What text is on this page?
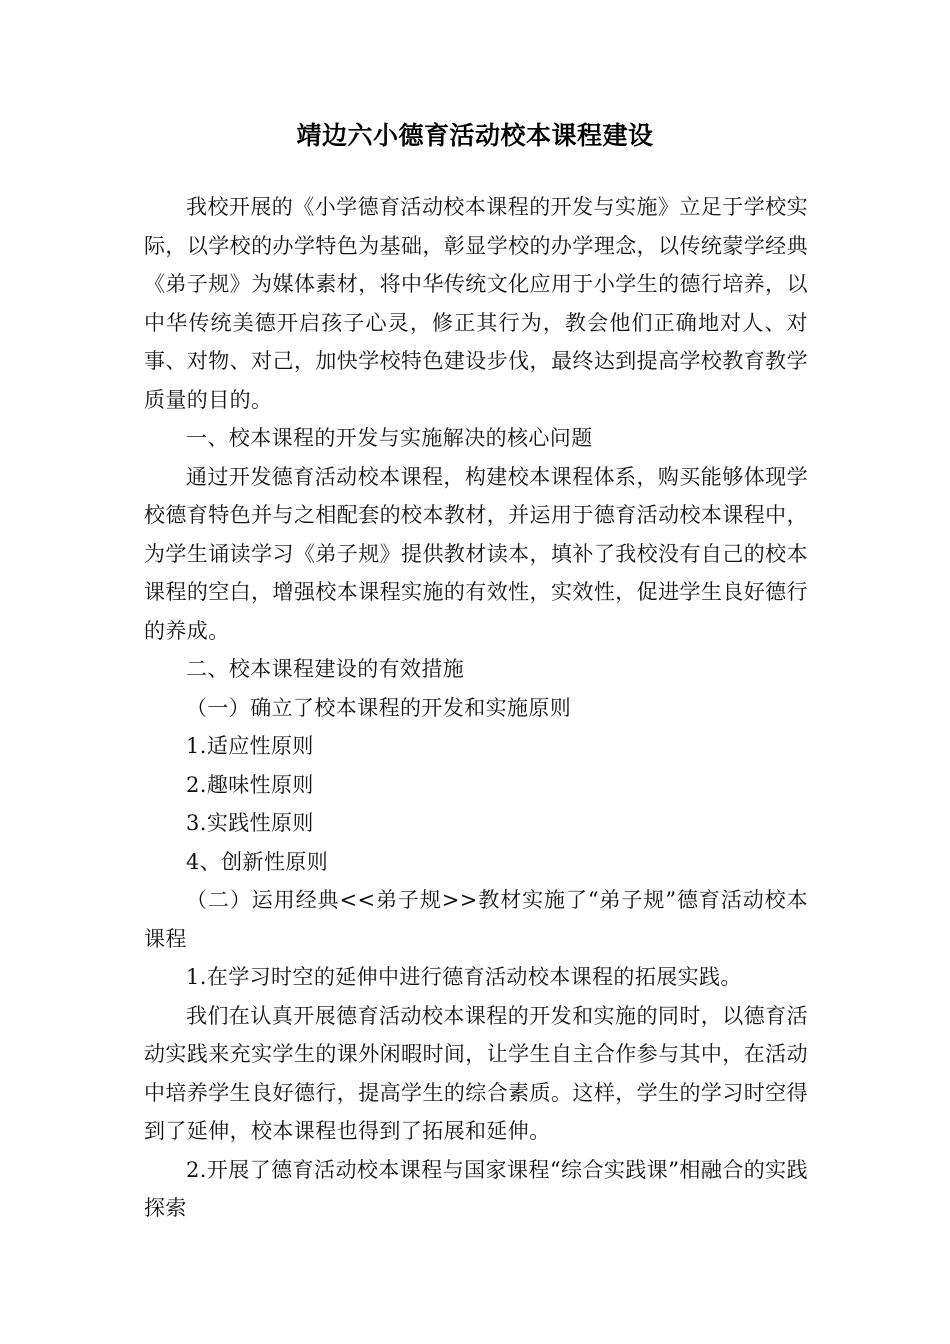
靖边六小德育活动校本课程建设

我校开展的《小学德育活动校本课程的开发与实施》立足于学校实际，以学校的办学特色为基础，彰显学校的办学理念，以传统蒙学经典《弟子规》为媒体素材，将中华传统文化应用于小学生的德行培养，以中华传统美德开启孩子心灵，修正其行为，教会他们正确地对人、对事、对物、对己，加快学校特色建设步伐，最终达到提高学校教育教学质量的目的。

一、校本课程的开发与实施解决的核心问题

通过开发德育活动校本课程，构建校本课程体系，购买能够体现学校德育特色并与之相配套的校本教材，并运用于德育活动校本课程中，为学生诵读学习《弟子规》提供教材读本，填补了我校没有自己的校本课程的空白，增强校本课程实施的有效性，实效性，促进学生良好德行的养成。

二、校本课程建设的有效措施

（一）确立了校本课程的开发和实施原则

1.适应性原则

2.趣味性原则

3.实践性原则

4、创新性原则

（二）运用经典<<弟子规>>教材实施了“弟子规”德育活动校本课程

1.在学习时空的延伸中进行德育活动校本课程的拓展实践。

我们在认真开展德育活动校本课程的开发和实施的同时，以德育活动实践来充实学生的课外闲暇时间，让学生自主合作参与其中，在活动中培养学生良好德行，提高学生的综合素质。这样，学生的学习时空得到了延伸，校本课程也得到了拓展和延伸。

2.开展了德育活动校本课程与国家课程“综合实践课”相融合的实践探索
